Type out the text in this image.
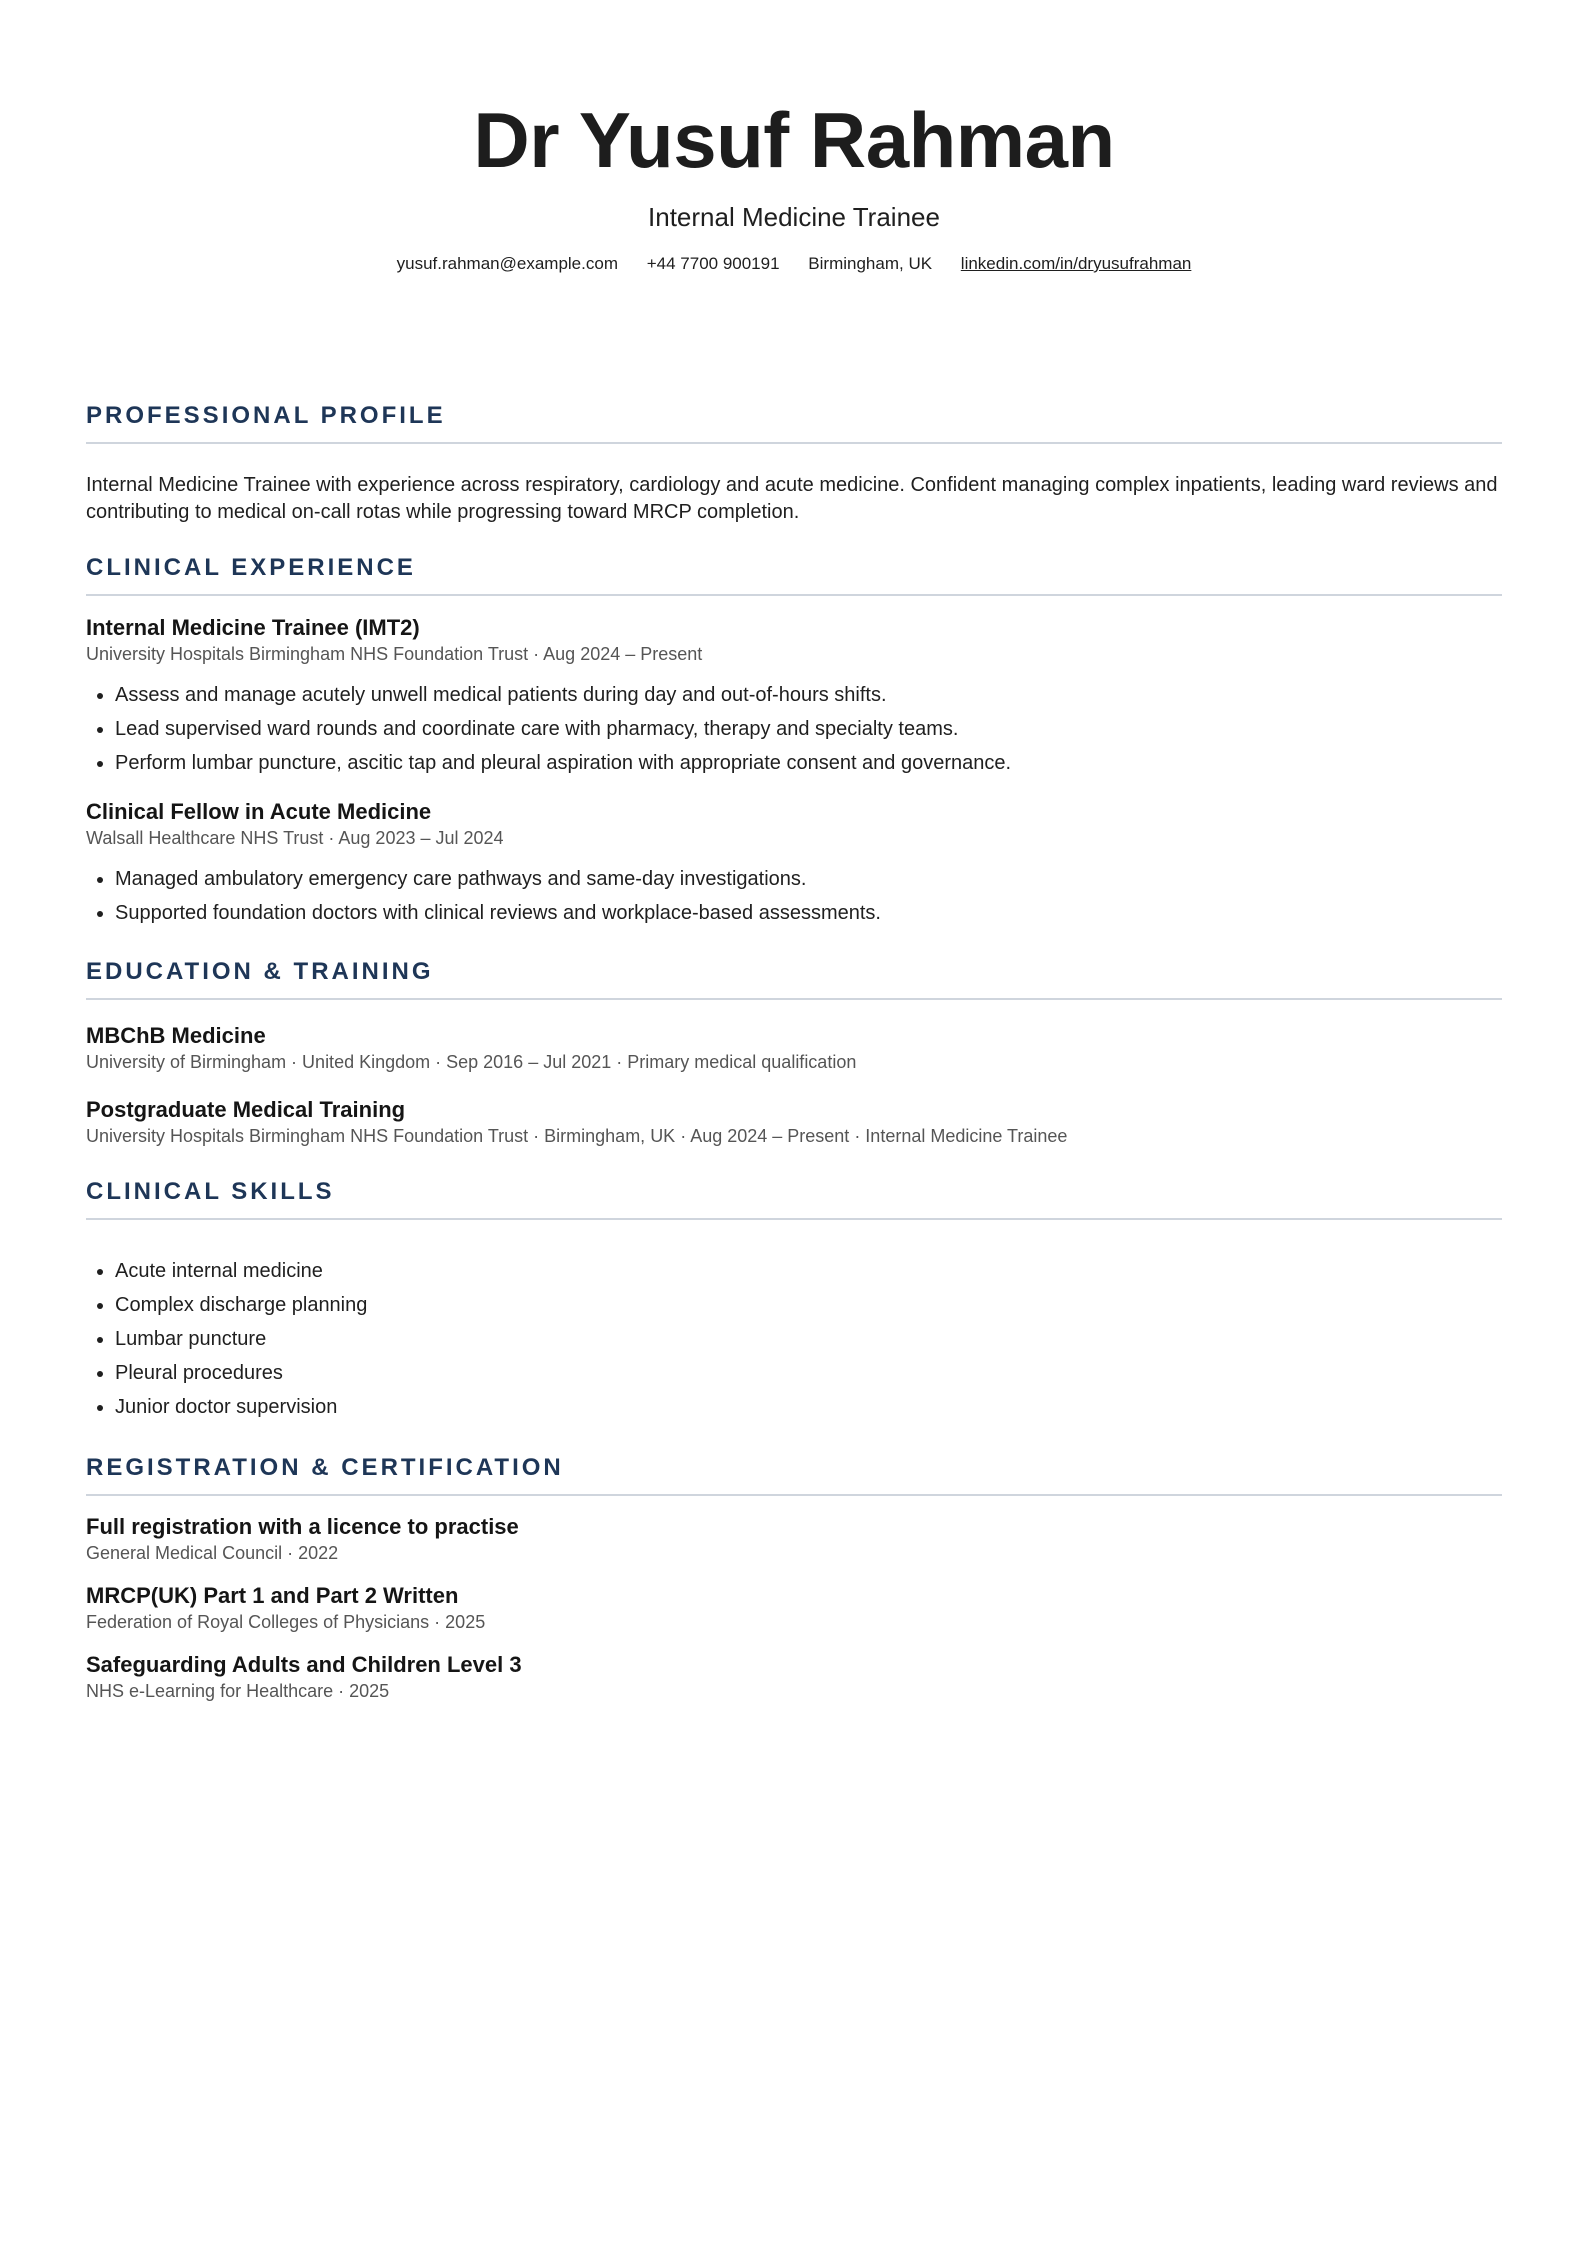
Dr Yusuf Rahman
Internal Medicine Trainee
yusuf.rahman@example.com +44 7700 900191 Birmingham, UK linkedin.com/in/dryusufrahman
PROFESSIONAL PROFILE

Internal Medicine Trainee with experience across respiratory, cardiology and acute medicine. Confident managing complex inpatients, leading ward reviews and contributing to medical on-call rotas while progressing toward MRCP completion.

CLINICAL EXPERIENCE
Internal Medicine Trainee (IMT2)
University Hospitals Birmingham NHS Foundation Trust · Aug 2024 – Present
• Assess and manage acutely unwell medical patients during day and out-of-hours shifts.
• Lead supervised ward rounds and coordinate care with pharmacy, therapy and specialty teams.
• Perform lumbar puncture, ascitic tap and pleural aspiration with appropriate consent and governance.
Clinical Fellow in Acute Medicine
Walsall Healthcare NHS Trust · Aug 2023 – Jul 2024
• Managed ambulatory emergency care pathways and same-day investigations.
• Supported foundation doctors with clinical reviews and workplace-based assessments.
EDUCATION & TRAINING
MBChB Medicine
University of Birmingham · United Kingdom · Sep 2016 – Jul 2021 · Primary medical qualification
Postgraduate Medical Training
University Hospitals Birmingham NHS Foundation Trust · Birmingham, UK · Aug 2024 – Present · Internal Medicine Trainee
CLINICAL SKILLS
• Acute internal medicine
• Complex discharge planning
• Lumbar puncture
• Pleural procedures
• Junior doctor supervision
REGISTRATION & CERTIFICATION
Full registration with a licence to practise
General Medical Council · 2022
MRCP(UK) Part 1 and Part 2 Written
Federation of Royal Colleges of Physicians · 2025
Safeguarding Adults and Children Level 3
NHS e-Learning for Healthcare · 2025
